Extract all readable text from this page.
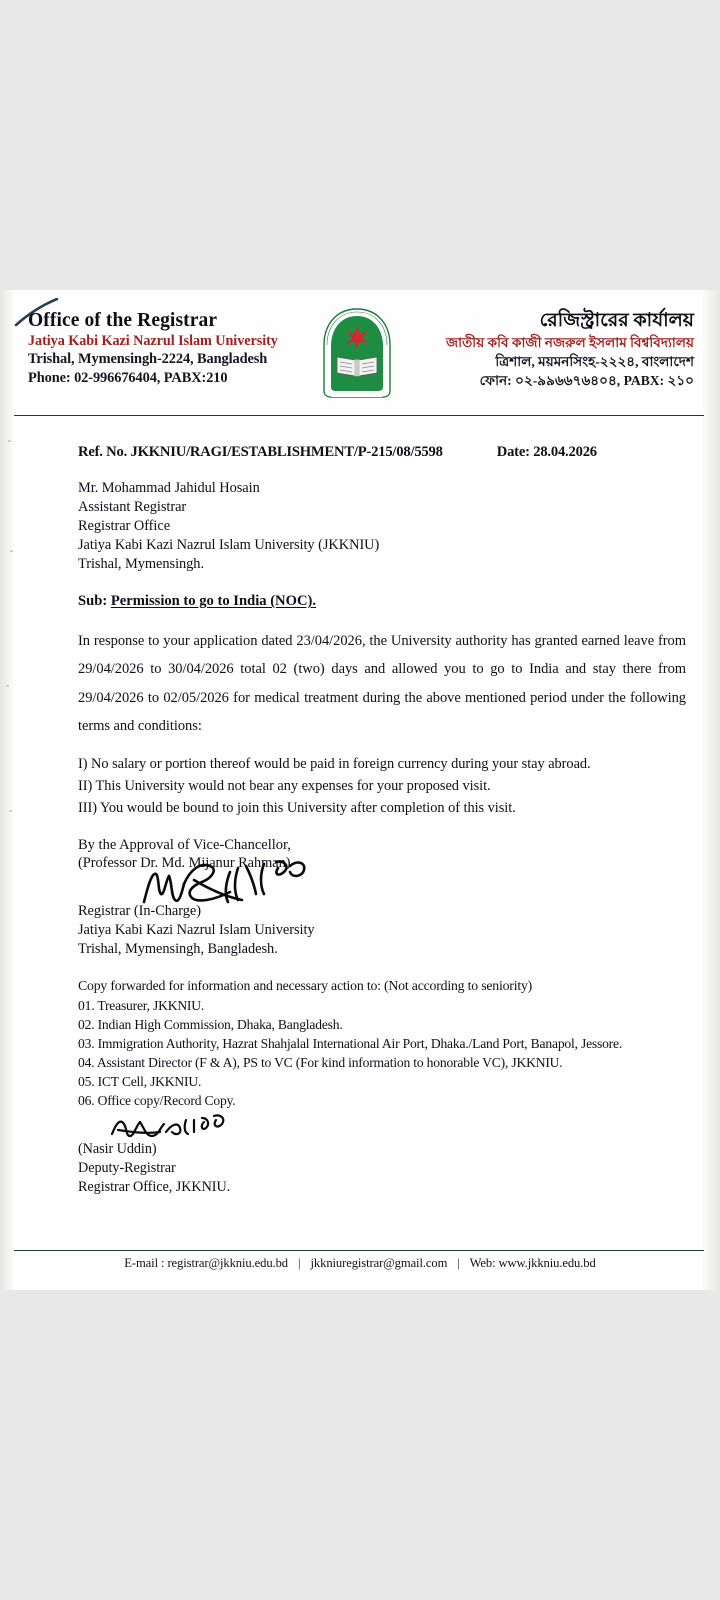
Office of the Registrar
Jatiya Kabi Kazi Nazrul Islam University
Trishal, Mymensingh-2224, Bangladesh
Phone: 02-996676404, PABX:210
রেজিস্ট্রারের কার্যালয়
জাতীয় কবি কাজী নজরুল ইসলাম বিশ্ববিদ্যালয়
ত্রিশাল, ময়মনসিংহ-২২২৪, বাংলাদেশ
ফোন: ০২-৯৯৬৬৭৬৪০৪, PABX: ২১০
Ref. No. JKKNIU/RAGI/ESTABLISHMENT/P-215/08/5598	Date: 28.04.2026
Mr. Mohammad Jahidul Hosain
Assistant Registrar
Registrar Office
Jatiya Kabi Kazi Nazrul Islam University (JKKNIU)
Trishal, Mymensingh.
Sub: Permission to go to India (NOC).
In response to your application dated 23/04/2026, the University authority has granted earned leave from 29/04/2026 to 30/04/2026 total 02 (two) days and allowed you to go to India and stay there from 29/04/2026 to 02/05/2026 for medical treatment during the above mentioned period under the following terms and conditions:
I) No salary or portion thereof would be paid in foreign currency during your stay abroad.
II) This University would not bear any expenses for your proposed visit.
III) You would be bound to join this University after completion of this visit.
By the Approval of Vice-Chancellor,
(Professor Dr. Md. Mijanur Rahman)
Registrar (In-Charge)
Jatiya Kabi Kazi Nazrul Islam University
Trishal, Mymensingh, Bangladesh.
Copy forwarded for information and necessary action to: (Not according to seniority)
01. Treasurer, JKKNIU.
02. Indian High Commission, Dhaka, Bangladesh.
03. Immigration Authority, Hazrat Shahjalal International Air Port, Dhaka./Land Port, Banapol, Jessore.
04. Assistant Director (F & A), PS to VC (For kind information to honorable VC), JKKNIU.
05. ICT Cell, JKKNIU.
06. Office copy/Record Copy.
(Nasir Uddin)
Deputy-Registrar
Registrar Office, JKKNIU.
E-mail : registrar@jkkniu.edu.bd | jkkniuregistrar@gmail.com | Web: www.jkkniu.edu.bd
